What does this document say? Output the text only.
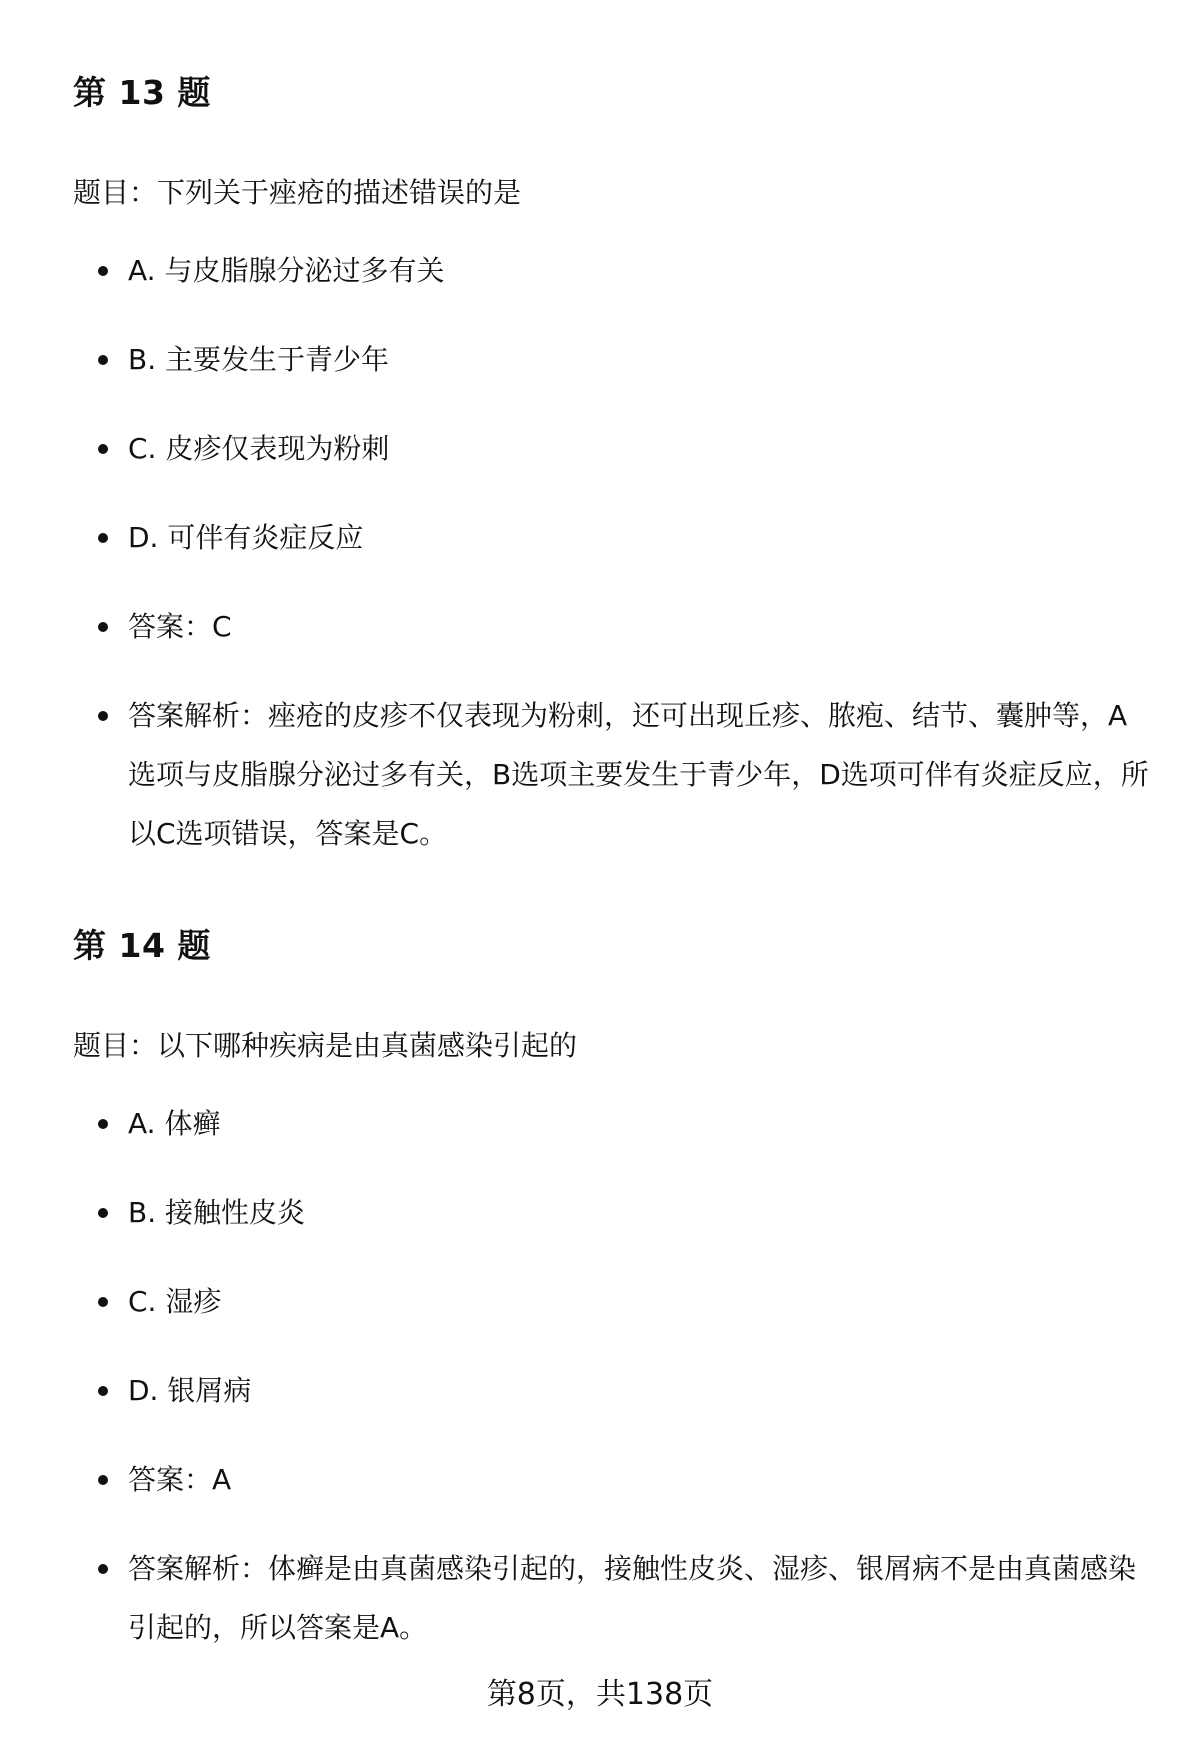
第 13 题

题目：下列关于痤疮的描述错误的是

A. 与皮脂腺分泌过多有关
B. 主要发生于青少年
C. 皮疹仅表现为粉刺
D. 可伴有炎症反应
答案：C
答案解析：痤疮的皮疹不仅表现为粉刺，还可出现丘疹、脓疱、结节、囊肿等，A选项与皮脂腺分泌过多有关，B选项主要发生于青少年，D选项可伴有炎症反应，所以C选项错误，答案是C。
第 14 题

题目：以下哪种疾病是由真菌感染引起的

A. 体癣
B. 接触性皮炎
C. 湿疹
D. 银屑病
答案：A
答案解析：体癣是由真菌感染引起的，接触性皮炎、湿疹、银屑病不是由真菌感染引起的，所以答案是A。
第8页，共138页
